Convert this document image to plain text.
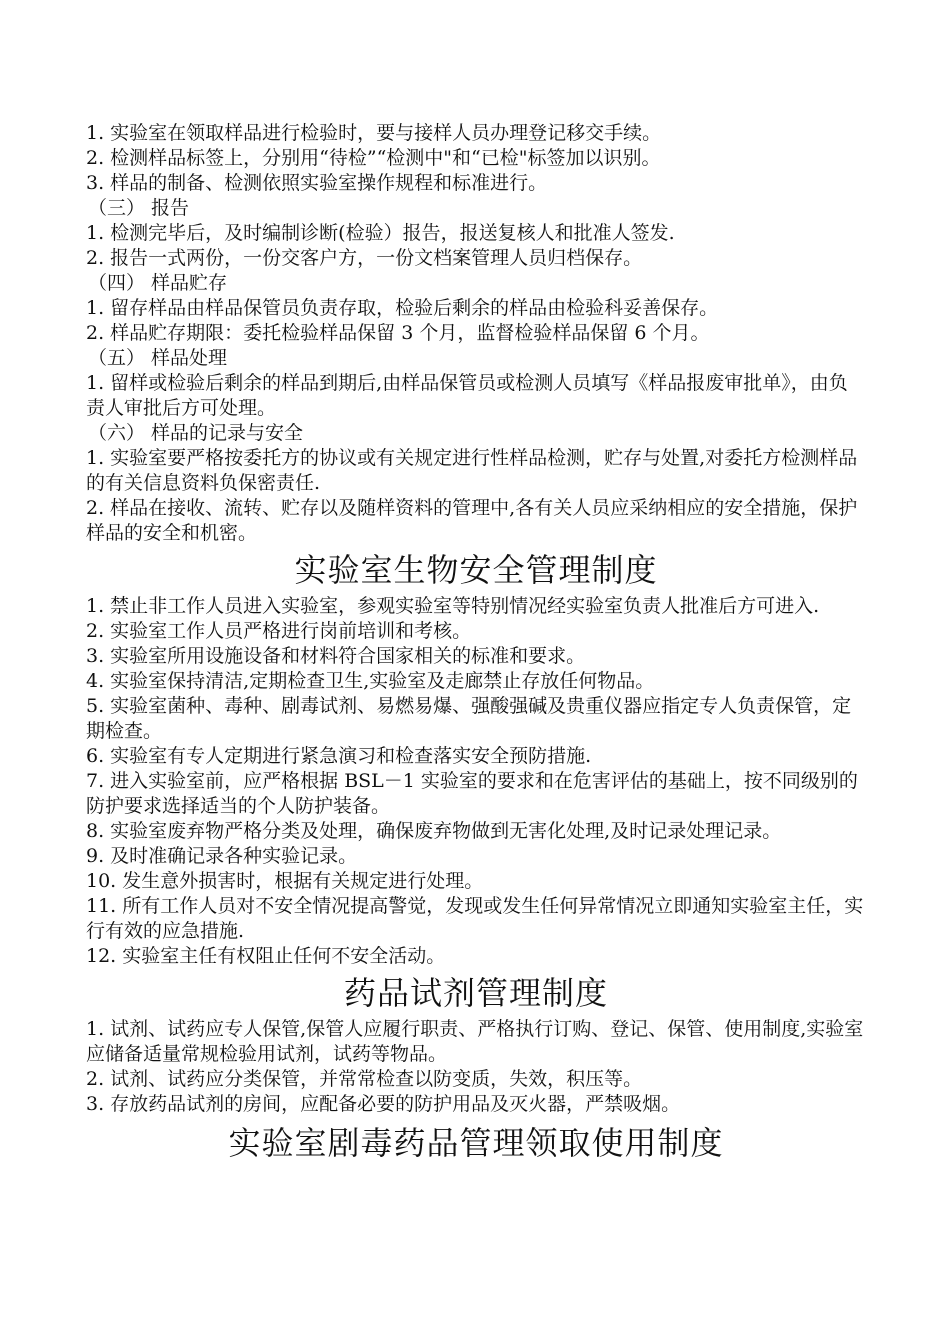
1. 实验室在领取样品进行检验时，要与接样人员办理登记移交手续。

2. 检测样品标签上，分别用“待检”“检测中"和“已检"标签加以识别。

3. 样品的制备、检测依照实验室操作规程和标准进行。

（三） 报告

1. 检测完毕后，及时编制诊断(检验）报告，报送复核人和批准人签发.

2. 报告一式两份，一份交客户方，一份文档案管理人员归档保存。

（四） 样品贮存

1. 留存样品由样品保管员负责存取，检验后剩余的样品由检验科妥善保存。

2. 样品贮存期限：委托检验样品保留 3 个月，监督检验样品保留 6 个月。

（五） 样品处理

1. 留样或检验后剩余的样品到期后,由样品保管员或检测人员填写《样品报废审批单》，由负责人审批后方可处理。

（六） 样品的记录与安全

1. 实验室要严格按委托方的协议或有关规定进行性样品检测，贮存与处置,对委托方检测样品的有关信息资料负保密责任.

2. 样品在接收、流转、贮存以及随样资料的管理中,各有关人员应采纳相应的安全措施，保护样品的安全和机密。

实验室生物安全管理制度

1. 禁止非工作人员进入实验室，参观实验室等特别情况经实验室负责人批准后方可进入.

2. 实验室工作人员严格进行岗前培训和考核。

3. 实验室所用设施设备和材料符合国家相关的标准和要求。

4. 实验室保持清洁,定期检查卫生,实验室及走廊禁止存放任何物品。

5. 实验室菌种、毒种、剧毒试剂、易燃易爆、强酸强碱及贵重仪器应指定专人负责保管，定期检查。

6. 实验室有专人定期进行紧急演习和检查落实安全预防措施.

7. 进入实验室前，应严格根据 BSL－1 实验室的要求和在危害评估的基础上，按不同级别的防护要求选择适当的个人防护装备。

8. 实验室废弃物严格分类及处理，确保废弃物做到无害化处理,及时记录处理记录。

9. 及时准确记录各种实验记录。

10. 发生意外损害时，根据有关规定进行处理。

11. 所有工作人员对不安全情况提高警觉，发现或发生任何异常情况立即通知实验室主任，实行有效的应急措施.

12. 实验室主任有权阻止任何不安全活动。

药品试剂管理制度

1. 试剂、试药应专人保管,保管人应履行职责、严格执行订购、登记、保管、使用制度,实验室应储备适量常规检验用试剂，试药等物品。

2. 试剂、试药应分类保管，并常常检查以防变质，失效，积压等。

3. 存放药品试剂的房间，应配备必要的防护用品及灭火器，严禁吸烟。

实验室剧毒药品管理领取使用制度
